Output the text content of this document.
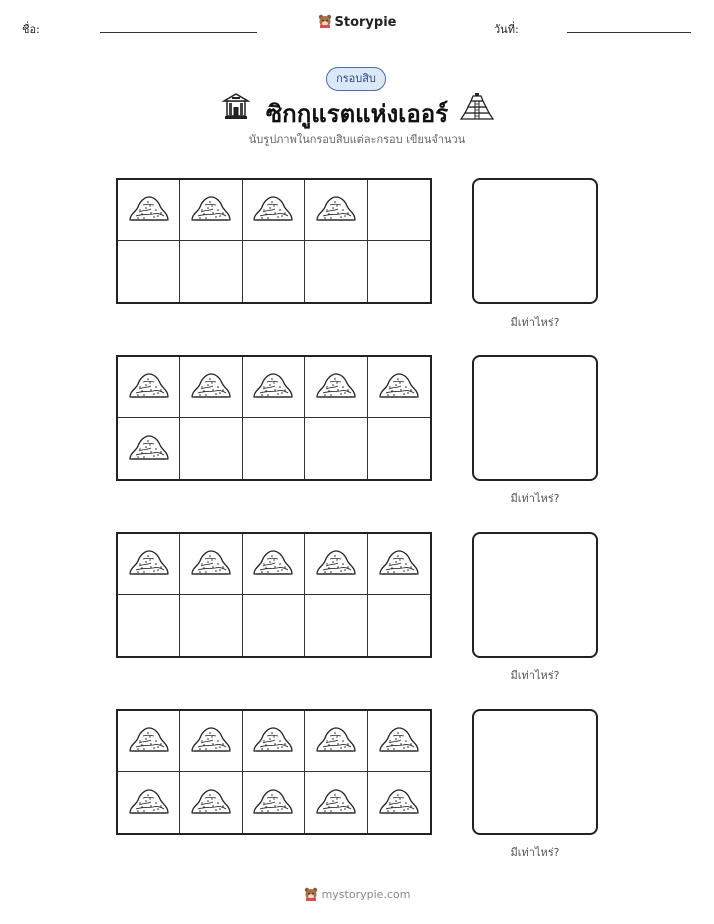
ชื่อ:	Storypie	วันที่:
กรอบสิบ
ซิกกูแรตแห่งเออร์
นับรูปภาพในกรอบสิบแต่ละกรอบ เขียนจำนวน
มีเท่าไหร่?
มีเท่าไหร่?
มีเท่าไหร่?
มีเท่าไหร่?
mystorypie.com
